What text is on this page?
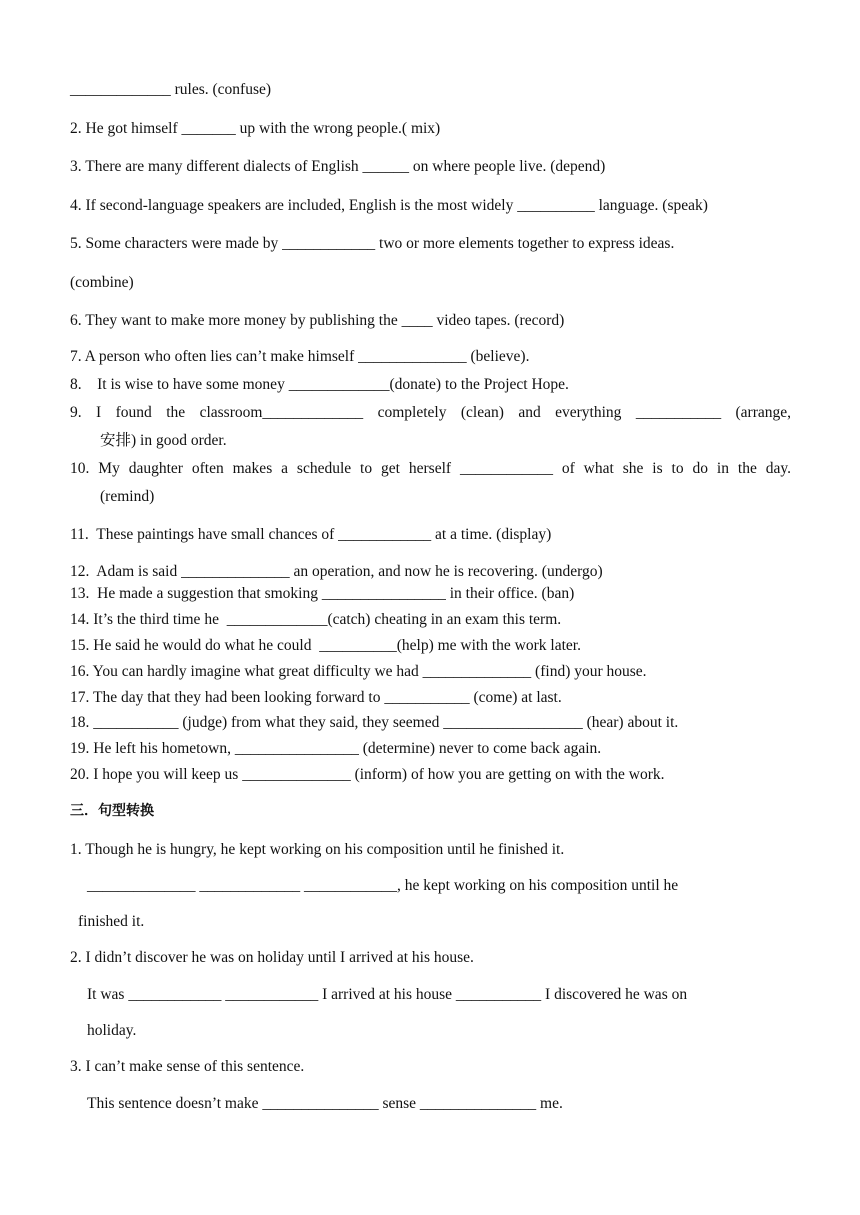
_____________ rules. (confuse)
2. He got himself _______ up with the wrong people.( mix)
3. There are many different dialects of English ______ on where people live. (depend)
4. If second-language speakers are included, English is the most widely __________ language. (speak)
5. Some characters were made by ____________ two or more elements together to express ideas.
(combine)
6. They want to make more money by publishing the ____ video tapes. (record)
7. A person who often lies can’t make himself ______________ (believe).
8.    It is wise to have some money _____________(donate) to the Project Hope.
9. I found the classroom_____________ completely (clean) and everything ___________ (arrange,
安排) in good order.
10. My daughter often makes a schedule to get herself ____________ of what she is to do in the day.
(remind)
11.  These paintings have small chances of ____________ at a time. (display)
12.  Adam is said ______________ an operation, and now he is recovering. (undergo)
13.  He made a suggestion that smoking ________________ in their office. (ban)
14. It’s the third time he  _____________(catch) cheating in an exam this term.
15. He said he would do what he could  __________(help) me with the work later.
16. You can hardly imagine what great difficulty we had ______________ (find) your house.
17. The day that they had been looking forward to ___________ (come) at last.
18. ___________ (judge) from what they said, they seemed __________________ (hear) about it.
19. He left his hometown, ________________ (determine) never to come back again.
20. I hope you will keep us ______________ (inform) of how you are getting on with the work.
三．句型转换
1. Though he is hungry, he kept working on his composition until he finished it.
______________ _____________ ____________, he kept working on his composition until he
finished it.
2. I didn’t discover he was on holiday until I arrived at his house.
It was ____________ ____________ I arrived at his house ___________ I discovered he was on
holiday.
3. I can’t make sense of this sentence.
This sentence doesn’t make _______________ sense _______________ me.
